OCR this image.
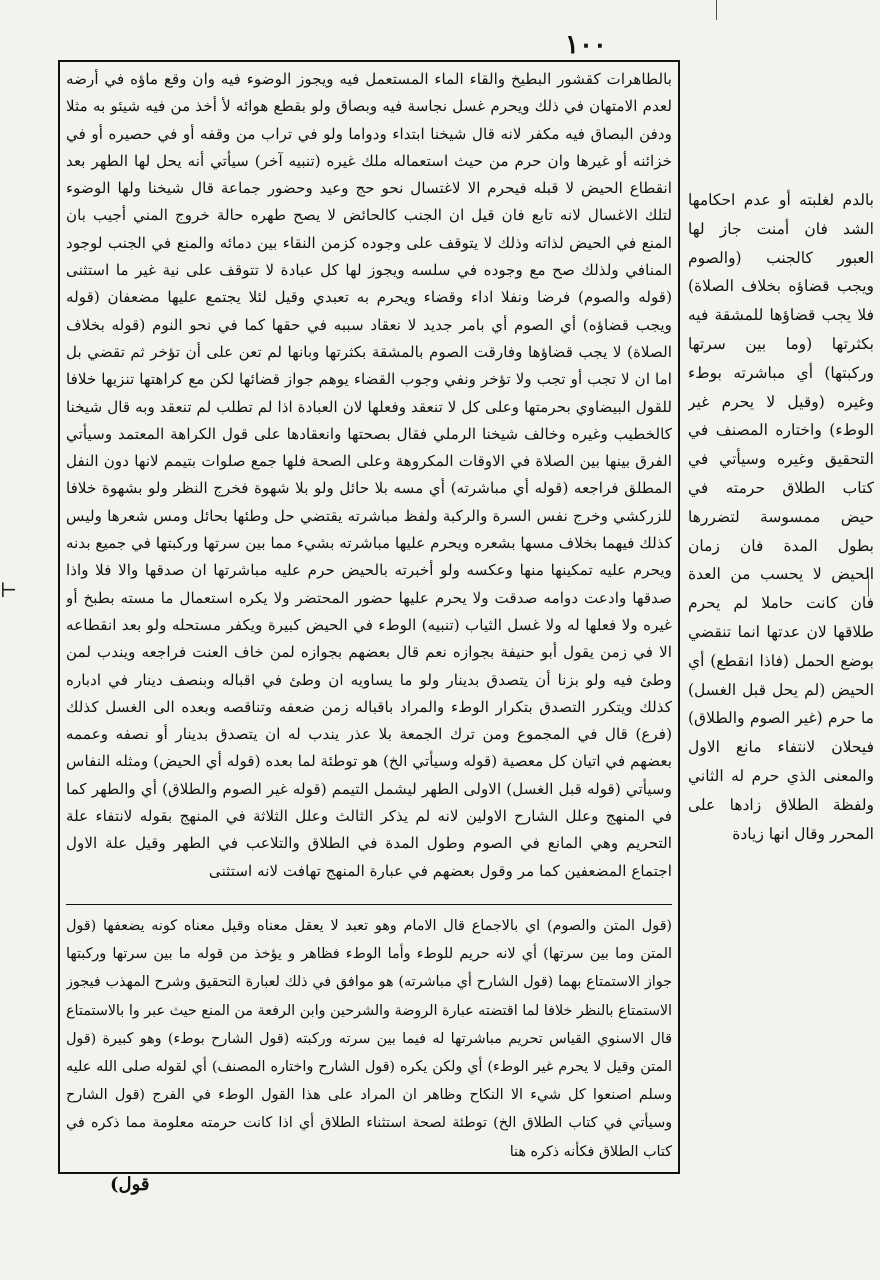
⊢
١٠٠

بالطاهرات كقشور البطيخ والقاء الماء المستعمل فيه ويجوز الوضوء فيه وان وقع ماؤه في أرضه لعدم الامتهان في ذلك ويحرم غسل نجاسة فيه وبصاق ولو بقطع هوائه لأ أخذ من فيه شيئو به مثلا ودفن البصاق فيه مكفر لانه قال شيخنا ابتداء ودواما ولو في تراب من وقفه أو في حصيره أو في خزائنه أو غيرها وان حرم من حيث استعماله ملك غيره (تنبيه آخر) سيأتي أنه يحل لها الطهر بعد انقطاع الحيض لا قبله فيحرم الا لاغتسال نحو حج وعيد وحضور جماعة قال شيخنا ولها الوضوء لتلك الاغسال لانه تابع فان قيل ان الجنب كالحائض لا يصح طهره حالة خروج المني أجيب بان المنع في الحيض لذاته وذلك لا يتوقف على وجوده كزمن النقاء بين دمائه والمنع في الجنب لوجود المنافي ولذلك صح مع وجوده في سلسه ويجوز لها كل عبادة لا تتوقف على نية غير ما استثنى (قوله والصوم) فرضا ونفلا اداء وقضاء ويحرم به تعبدي وقيل لئلا يجتمع عليها مضعفان (قوله ويجب قضاؤه) أي الصوم أي بامر جديد لا نعقاد سببه في حقها كما في نحو النوم (قوله بخلاف الصلاة) لا يجب قضاؤها وفارقت الصوم بالمشقة بكثرتها وبانها لم تعن على أن تؤخر ثم تقضي بل اما ان لا تجب أو تجب ولا تؤخر ونفي وجوب القضاء يوهم جواز قضائها لكن مع كراهتها تنزيها خلافا للقول البيضاوي بحرمتها وعلى كل لا تنعقد وفعلها لان العبادة اذا لم تطلب لم تنعقد وبه قال شيخنا كالخطيب وغيره وخالف شيخنا الرملي فقال بصحتها وانعقادها على قول الكراهة المعتمد وسيأتي الفرق بينها بين الصلاة في الاوقات المكروهة وعلى الصحة فلها جمع صلوات بتيمم لانها دون النفل المطلق فراجعه (قوله أي مباشرته) أي مسه بلا حائل ولو بلا شهوة فخرج النظر ولو بشهوة خلافا للزركشي وخرج نفس السرة والركبة ولفظ مباشرته يقتضي حل وطئها بحائل ومس شعرها وليس كذلك فيهما بخلاف مسها بشعره ويحرم عليها مباشرته بشيء مما بين سرتها وركبتها في جميع بدنه ويحرم عليه تمكينها منها وعكسه ولو أخبرته بالحيض حرم عليه مباشرتها ان صدقها والا فلا واذا صدقها وادعت دوامه صدقت ولا يحرم عليها حضور المحتضر ولا يكره استعمال ما مسته بطبخ أو غيره ولا فعلها له ولا غسل الثياب (تنبيه) الوطء في الحيض كبيرة ويكفر مستحله ولو بعد انقطاعه الا في زمن يقول أبو حنيفة بجوازه نعم قال بعضهم بجوازه لمن خاف العنت فراجعه ويندب لمن وطئ فيه ولو بزنا أن يتصدق بدينار ولو ما يساويه ان وطئ في اقباله وبنصف دينار في ادباره كذلك ويتكرر التصدق بتكرار الوطء والمراد باقباله زمن ضعفه وتناقصه وبعده الى الغسل كذلك (فرع) قال في المجموع ومن ترك الجمعة بلا عذر يندب له ان يتصدق بدينار أو نصفه وعممه بعضهم في اتيان كل معصية (قوله وسيأتي الخ) هو توطئة لما بعده (قوله أي الحيض) ومثله النفاس وسيأتي (قوله قبل الغسل) الاولى الطهر ليشمل التيمم (قوله غير الصوم والطلاق) أي والطهر كما في المنهج وعلل الشارح الاولين لانه لم يذكر الثالث وعلل الثلاثة في المنهج بقوله لانتفاء علة التحريم وهي المانع في الصوم وطول المدة في الطلاق والتلاعب في الطهر وقيل علة الاول اجتماع المضعفين كما مر وقول بعضهم في عبارة المنهج تهافت لانه استثنى

(قول المتن والصوم) اي بالاجماع قال الامام وهو تعبد لا يعقل معناه وقيل معناه كونه يضعفها (قول المتن وما بين سرتها) أي لانه حريم للوطء وأما الوطء فظاهر و يؤخذ من قوله ما بين سرتها وركبتها جواز الاستمتاع بهما (قول الشارح أي مباشرته) هو موافق في ذلك لعبارة التحقيق وشرح المهذب فيجوز الاستمتاع بالنظر خلافا لما اقتضته عبارة الروضة والشرحين وابن الرفعة من المنع حيث عبر وا بالاستمتاع قال الاسنوي القياس تحريم مباشرتها له فيما بين سرته وركبته (قول الشارح بوطء) وهو كبيرة (قول المتن وقيل لا يحرم غير الوطء) أي ولكن يكره (قول الشارح واختاره المصنف) أي لقوله صلى الله عليه وسلم اصنعوا كل شيء الا النكاح وظاهر ان المراد على هذا القول الوطء في الفرج (قول الشارح وسيأتي في كتاب الطلاق الخ) توطئة لصحة استثناء الطلاق أي اذا كانت حرمته معلومة مما ذكره في كتاب الطلاق فكأنه ذكره هنا

بالدم لغلبته أو عدم احكامها الشد فان أمنت جاز لها العبور كالجنب (والصوم ويجب قضاؤه بخلاف الصلاة) فلا يجب قضاؤها للمشقة فيه بكثرتها (وما بين سرتها وركبتها) أي مباشرته بوطء وغيره (وقيل لا يحرم غير الوطء) واختاره المصنف في التحقيق وغيره وسيأتي في كتاب الطلاق حرمته في حيض ممسوسة لتضررها بطول المدة فان زمان الحيض لا يحسب من العدة فان كانت حاملا لم يحرم طلاقها لان عدتها انما تنقضي بوضع الحمل (فاذا انقطع) أي الحيض (لم يحل قبل الغسل) ما حرم (غير الصوم والطلاق) فيحلان لانتفاء مانع الاول والمعنى الذي حرم له الثاني ولفظة الطلاق زادها على المحرر وقال انها زيادة

(قول
